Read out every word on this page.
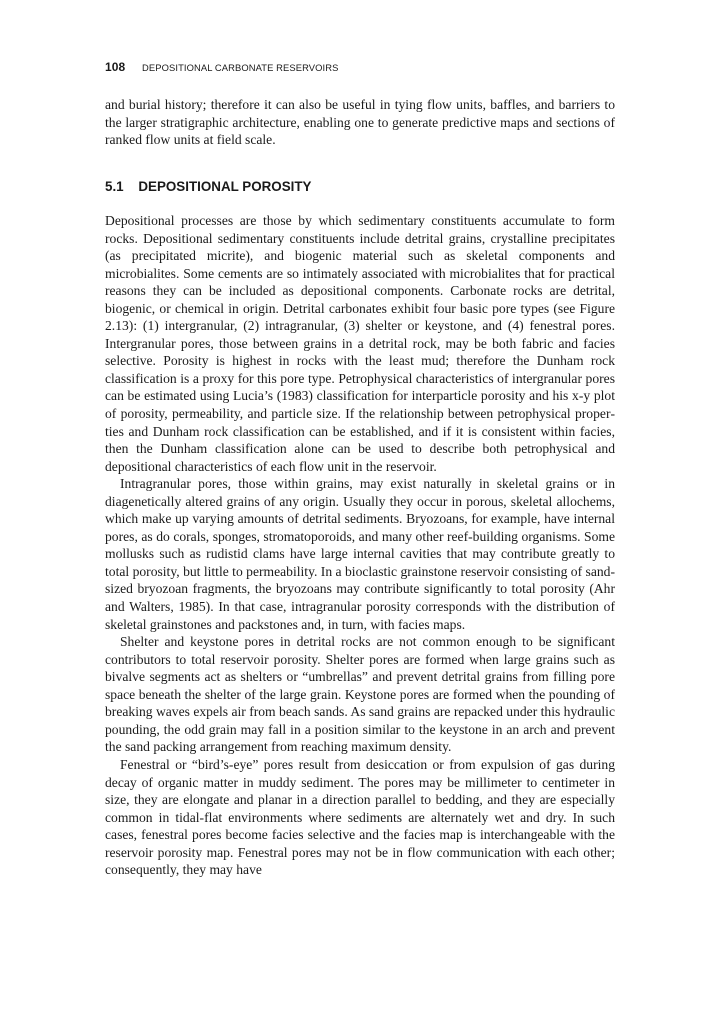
108 DEPOSITIONAL CARBONATE RESERVOIRS

and burial history; therefore it can also be useful in tying flow units, baffles, and barriers to the larger stratigraphic architecture, enabling one to generate predictive maps and sections of ranked flow units at field scale.

5.1 DEPOSITIONAL POROSITY

Depositional processes are those by which sedimentary constituents accumulate to form rocks. Depositional sedimentary constituents include detrital grains, crystalline precipitates (as precipitated micrite), and biogenic material such as skeletal components and microbialites. Some cements are so intimately associated with microbialites that for practical reasons they can be included as depositional components. Carbonate rocks are detrital, biogenic, or chemical in origin. Detrital carbonates exhibit four basic pore types (see Figure 2.13): (1) intergranular, (2) intragranular, (3) shelter or keystone, and (4) fenestral pores. Intergranular pores, those between grains in a detrital rock, may be both fabric and facies selective. Porosity is highest in rocks with the least mud; therefore the Dunham rock classification is a proxy for this pore type. Petrophysical characteristics of intergranular pores can be estimated using Lucia’s (1983) classification for interparticle porosity and his x-y plot of porosity, permeability, and particle size. If the relationship between petrophysical properties and Dunham rock classification can be established, and if it is consistent within facies, then the Dunham classification alone can be used to describe both petrophysical and depositional characteristics of each flow unit in the reservoir.

Intragranular pores, those within grains, may exist naturally in skeletal grains or in diagenetically altered grains of any origin. Usually they occur in porous, skeletal allochems, which make up varying amounts of detrital sediments. Bryozoans, for example, have internal pores, as do corals, sponges, stromatoporoids, and many other reef-building organisms. Some mollusks such as rudistid clams have large internal cavities that may contribute greatly to total porosity, but little to permeability. In a bioclastic grainstone reservoir consisting of sand-sized bryozoan fragments, the bryozoans may contribute significantly to total porosity (Ahr and Walters, 1985). In that case, intragranular porosity corresponds with the distribution of skeletal grainstones and packstones and, in turn, with facies maps.

Shelter and keystone pores in detrital rocks are not common enough to be significant contributors to total reservoir porosity. Shelter pores are formed when large grains such as bivalve segments act as shelters or “umbrellas” and prevent detrital grains from filling pore space beneath the shelter of the large grain. Keystone pores are formed when the pounding of breaking waves expels air from beach sands. As sand grains are repacked under this hydraulic pounding, the odd grain may fall in a position similar to the keystone in an arch and prevent the sand packing arrangement from reaching maximum density.

Fenestral or “bird’s-eye” pores result from desiccation or from expulsion of gas during decay of organic matter in muddy sediment. The pores may be millimeter to centimeter in size, they are elongate and planar in a direction parallel to bedding, and they are especially common in tidal-flat environments where sediments are alternately wet and dry. In such cases, fenestral pores become facies selective and the facies map is interchangeable with the reservoir porosity map. Fenestral pores may not be in flow communication with each other; consequently, they may have
